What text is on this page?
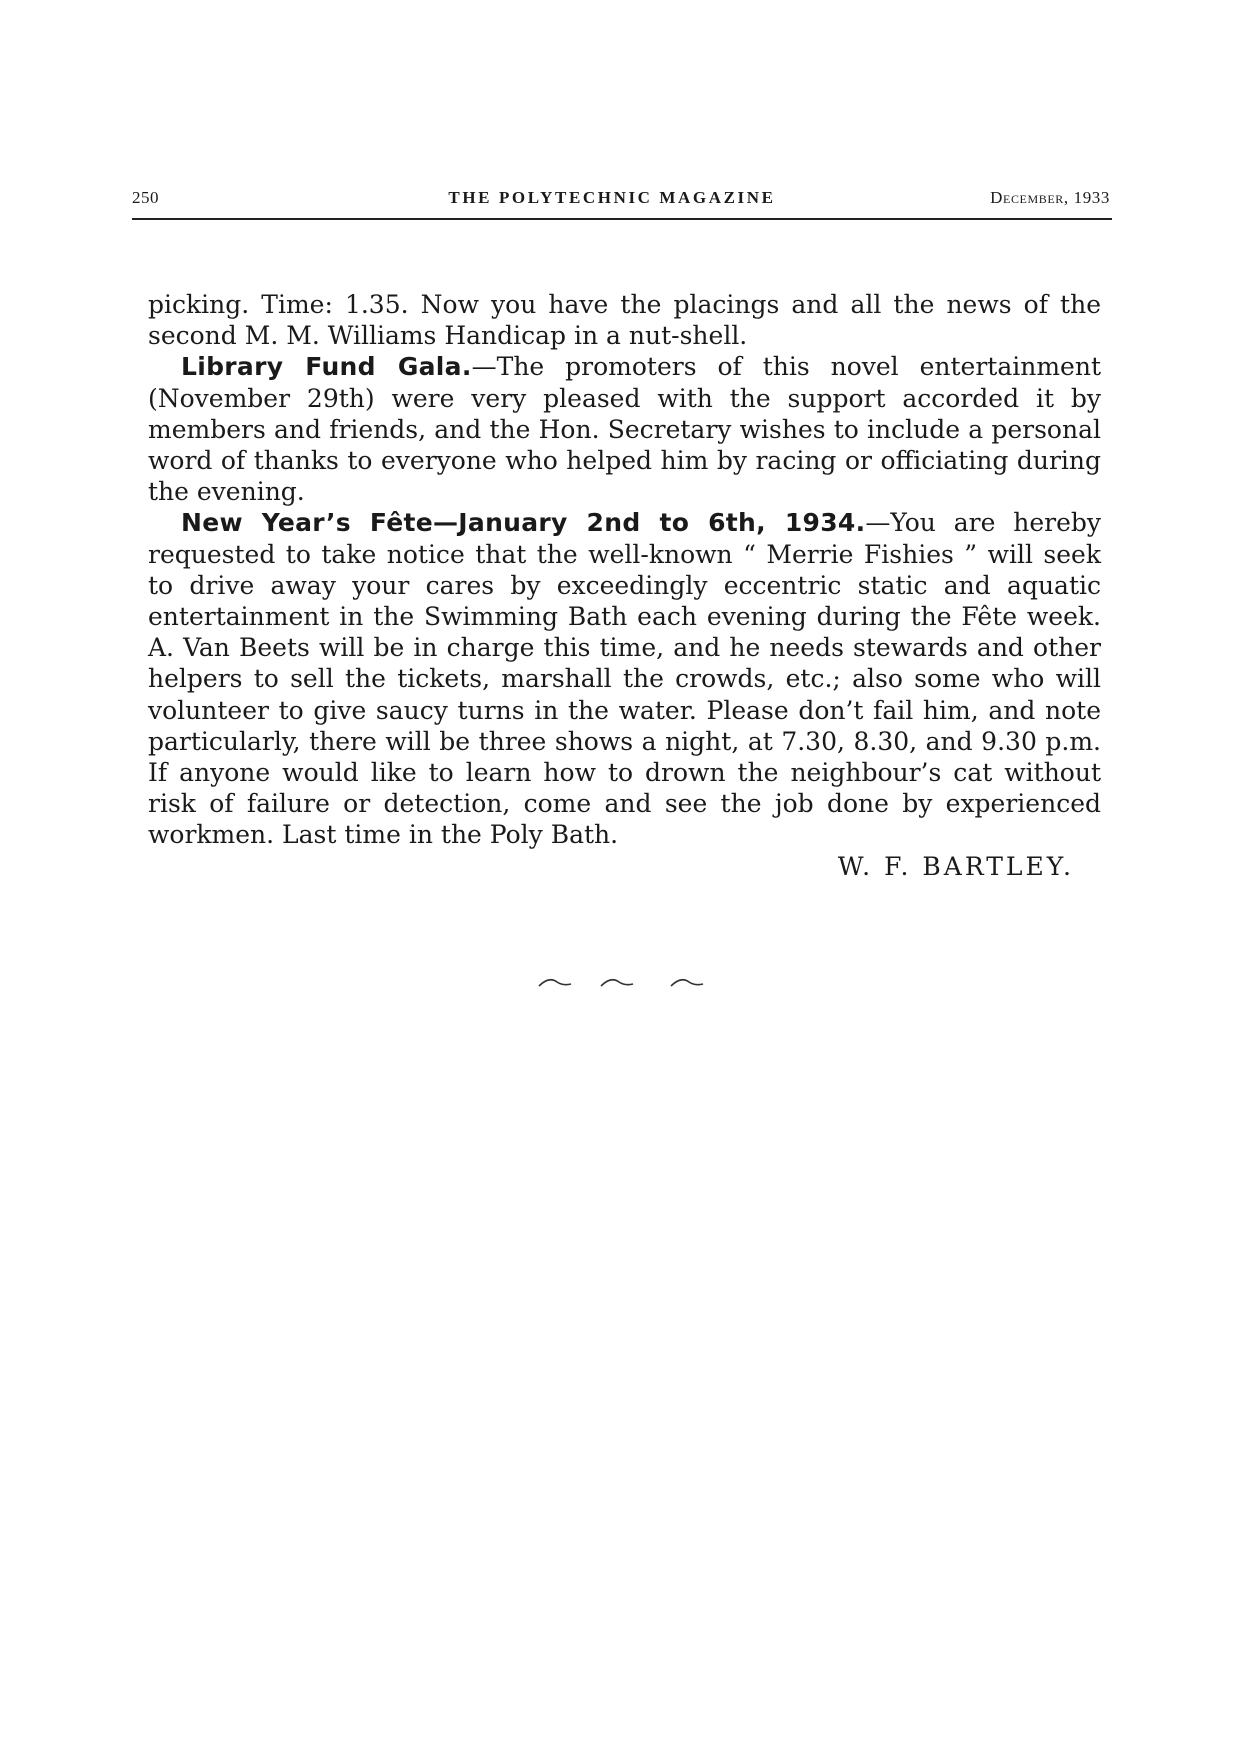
250	THE POLYTECHNIC MAGAZINE	December, 1933

picking. Time: 1.35. Now you have the placings and all the news of the second M. M. Williams Handicap in a nut-shell.

Library Fund Gala.—The promoters of this novel entertainment (November 29th) were very pleased with the support accorded it by members and friends, and the Hon. Secretary wishes to include a personal word of thanks to everyone who helped him by racing or officiating during the evening.

New Year’s Fête—January 2nd to 6th, 1934.—You are hereby requested to take notice that the well-known “ Merrie Fishies ” will seek to drive away your cares by exceedingly eccentric static and aquatic entertainment in the Swimming Bath each evening during the Fête week. A. Van Beets will be in charge this time, and he needs stewards and other helpers to sell the tickets, marshall the crowds, etc.; also some who will volunteer to give saucy turns in the water. Please don’t fail him, and note particularly, there will be three shows a night, at 7.30, 8.30, and 9.30 p.m. If anyone would like to learn how to drown the neighbour’s cat without risk of failure or detection, come and see the job done by experienced workmen. Last time in the Poly Bath.

W. F. BARTLEY.
